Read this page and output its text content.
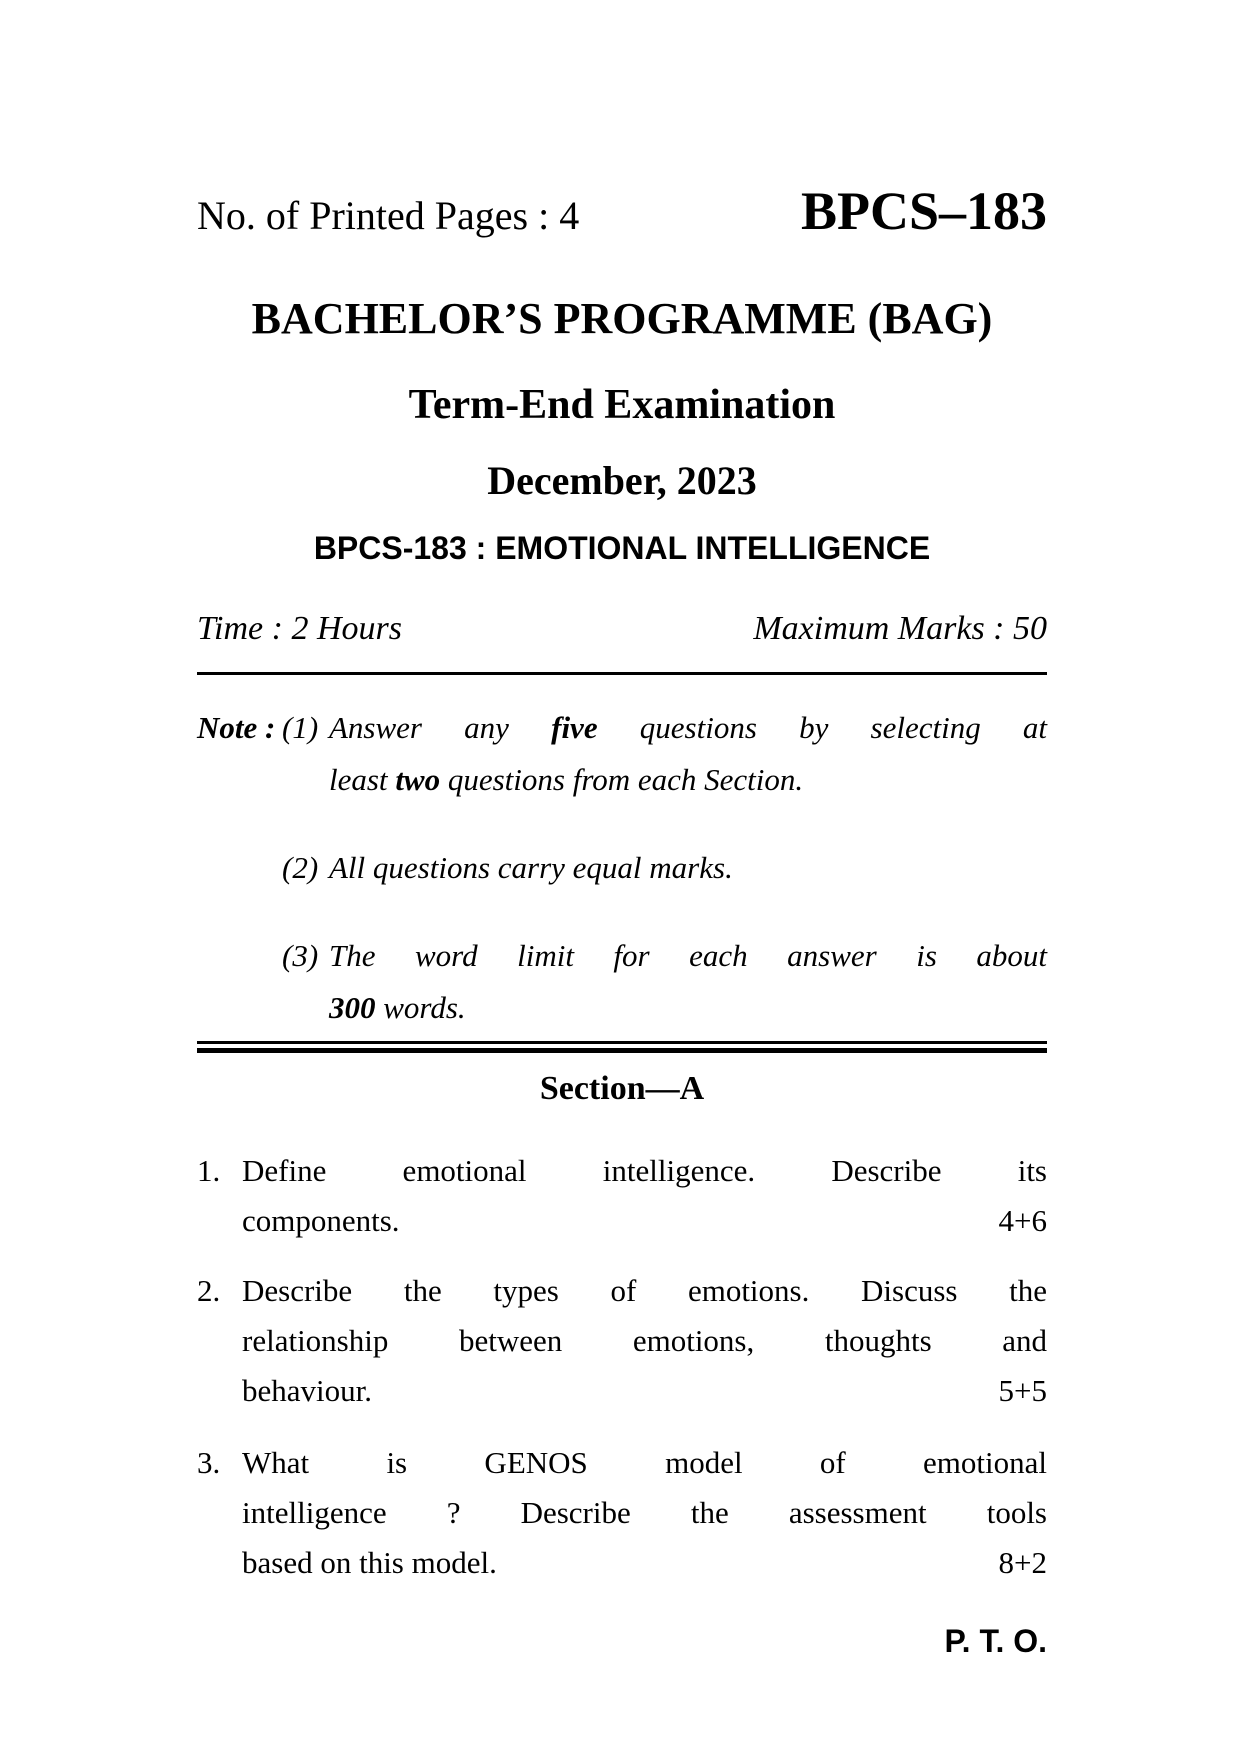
No. of Printed Pages : 4	BPCS–183
BACHELOR’S PROGRAMME (BAG)
Term-End Examination
December, 2023
BPCS-183 : EMOTIONAL INTELLIGENCE
Time : 2 Hours	Maximum Marks : 50
Note : (1) Answer any five questions by selecting at
least two questions from each Section.
(2) All questions carry equal marks.
(3) The word limit for each answer is about
300 words.
Section—A
1. Define emotional intelligence. Describe its
components.	4+6
2. Describe the types of emotions. Discuss the
relationship between emotions, thoughts and
behaviour.	5+5
3. What is GENOS model of emotional
intelligence ? Describe the assessment tools
based on this model.	8+2
P. T. O.
